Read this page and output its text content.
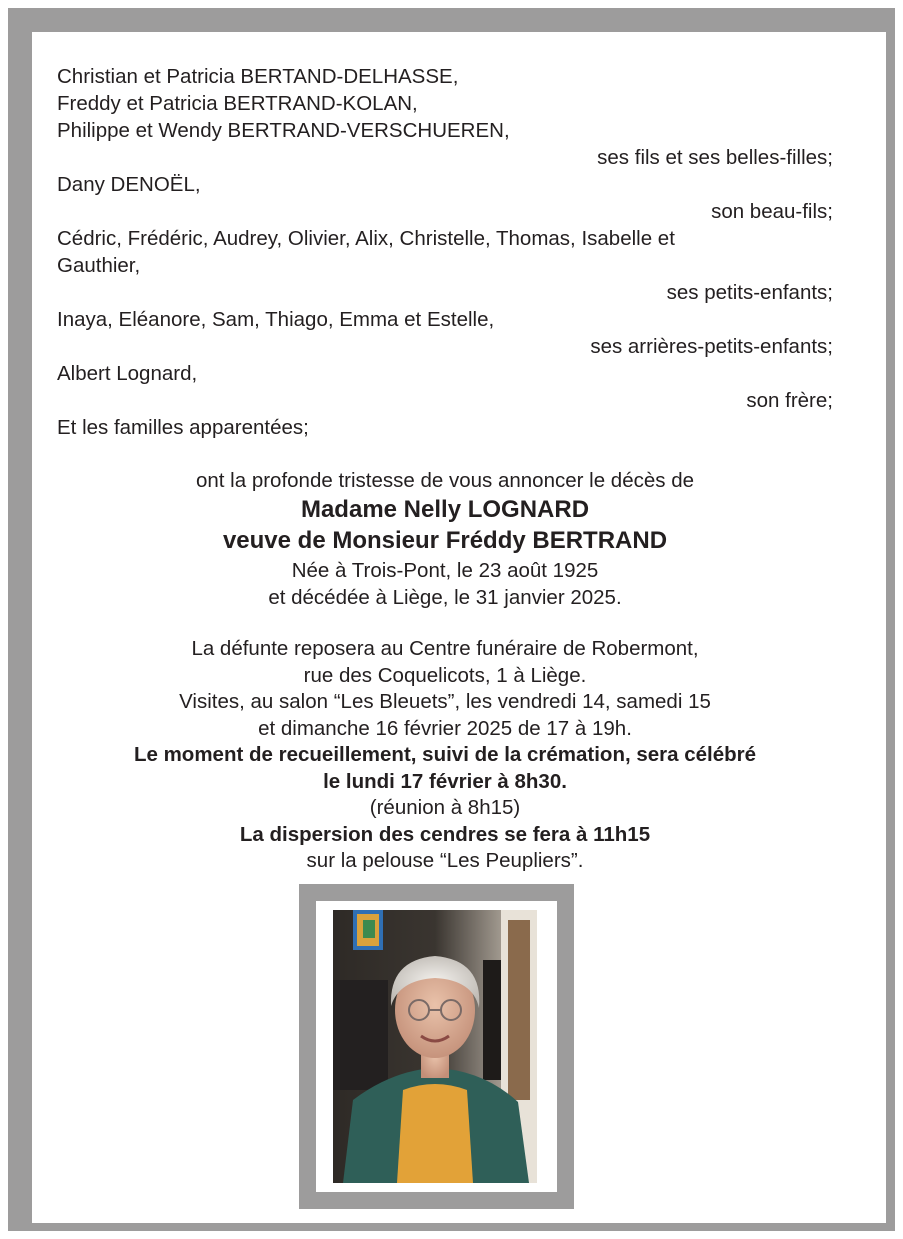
Christian et Patricia BERTAND-DELHASSE,
Freddy et Patricia BERTRAND-KOLAN,
Philippe et Wendy BERTRAND-VERSCHUEREN,
ses fils et ses belles-filles;
Dany DENOËL,
son beau-fils;
Cédric, Frédéric, Audrey, Olivier, Alix, Christelle, Thomas, Isabelle et
Gauthier,
ses petits-enfants;
Inaya, Eléanore, Sam, Thiago, Emma et Estelle,
ses arrières-petits-enfants;
Albert Lognard,
son frère;
Et les familles apparentées;
ont la profonde tristesse de vous annoncer le décès de
Madame Nelly LOGNARD
veuve de Monsieur Fréddy BERTRAND
Née à Trois-Pont, le 23 août 1925
et décédée à Liège, le 31 janvier 2025.
La défunte reposera au Centre funéraire de Robermont,
rue des Coquelicots, 1 à Liège.
Visites, au salon “Les Bleuets”, les vendredi 14, samedi 15
et dimanche 16 février 2025 de 17 à 19h.
Le moment de recueillement, suivi de la crémation, sera célébré
le lundi 17 février à 8h30.
(réunion à 8h15)
La dispersion des cendres se fera à 11h15
sur la pelouse “Les Peupliers”.
